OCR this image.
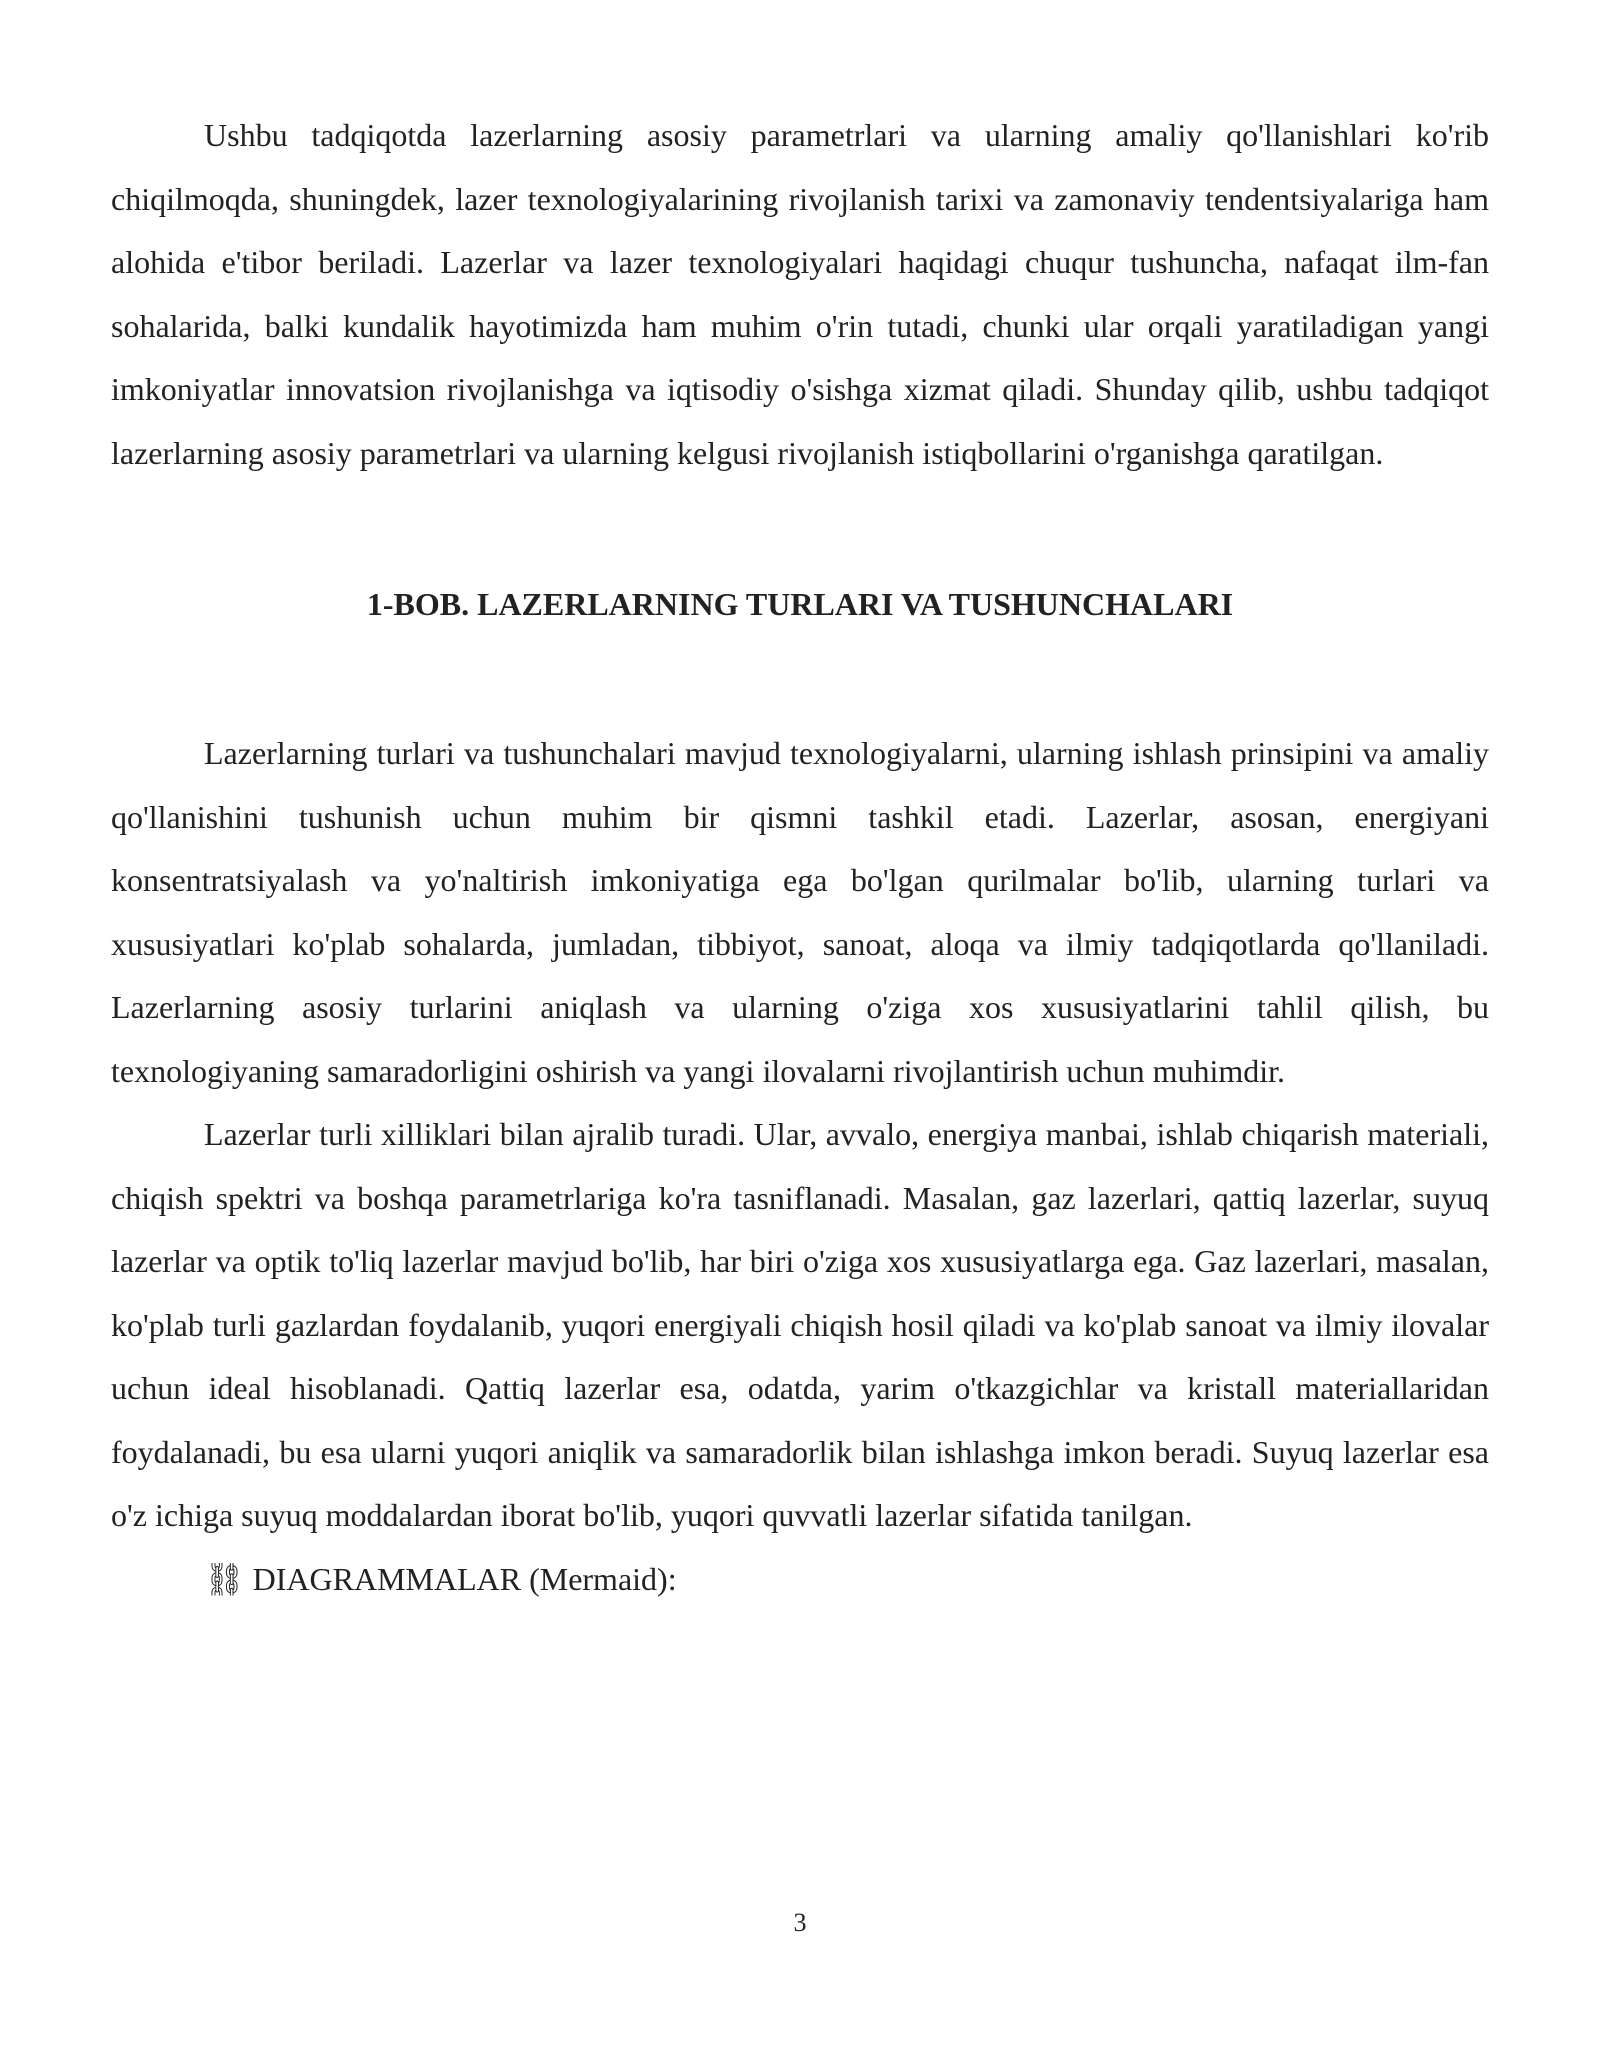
Ushbu tadqiqotda lazerlarning asosiy parametrlari va ularning amaliy qo'llanishlari ko'rib chiqilmoqda, shuningdek, lazer texnologiyalarining rivojlanish tarixi va zamonaviy tendentsiyalariga ham alohida e'tibor beriladi. Lazerlar va lazer texnologiyalari haqidagi chuqur tushuncha, nafaqat ilm-fan sohalarida, balki kundalik hayotimizda ham muhim o'rin tutadi, chunki ular orqali yaratiladigan yangi imkoniyatlar innovatsion rivojlanishga va iqtisodiy o'sishga xizmat qiladi. Shunday qilib, ushbu tadqiqot lazerlarning asosiy parametrlari va ularning kelgusi rivojlanish istiqbollarini o'rganishga qaratilgan.

1-BOB. LAZERLARNING TURLARI VA TUSHUNCHALARI

Lazerlarning turlari va tushunchalari mavjud texnologiyalarni, ularning ishlash prinsipini va amaliy qo'llanishini tushunish uchun muhim bir qismni tashkil etadi. Lazerlar, asosan, energiyani konsentratsiyalash va yo'naltirish imkoniyatiga ega bo'lgan qurilmalar bo'lib, ularning turlari va xususiyatlari ko'plab sohalarda, jumladan, tibbiyot, sanoat, aloqa va ilmiy tadqiqotlarda qo'llaniladi. Lazerlarning asosiy turlarini aniqlash va ularning o'ziga xos xususiyatlarini tahlil qilish, bu texnologiyaning samaradorligini oshirish va yangi ilovalarni rivojlantirish uchun muhimdir.

Lazerlar turli xilliklari bilan ajralib turadi. Ular, avvalo, energiya manbai, ishlab chiqarish materiali, chiqish spektri va boshqa parametrlariga ko'ra tasniflanadi. Masalan, gaz lazerlari, qattiq lazerlar, suyuq lazerlar va optik to'liq lazerlar mavjud bo'lib, har biri o'ziga xos xususiyatlarga ega. Gaz lazerlari, masalan, ko'plab turli gazlardan foydalanib, yuqori energiyali chiqish hosil qiladi va ko'plab sanoat va ilmiy ilovalar uchun ideal hisoblanadi. Qattiq lazerlar esa, odatda, yarim o'tkazgichlar va kristall materiallaridan foydalanadi, bu esa ularni yuqori aniqlik va samaradorlik bilan ishlashga imkon beradi. Suyuq lazerlar esa o'z ichiga suyuq moddalardan iborat bo'lib, yuqori quvvatli lazerlar sifatida tanilgan.

⛓ DIAGRAMMALAR (Mermaid):

3
